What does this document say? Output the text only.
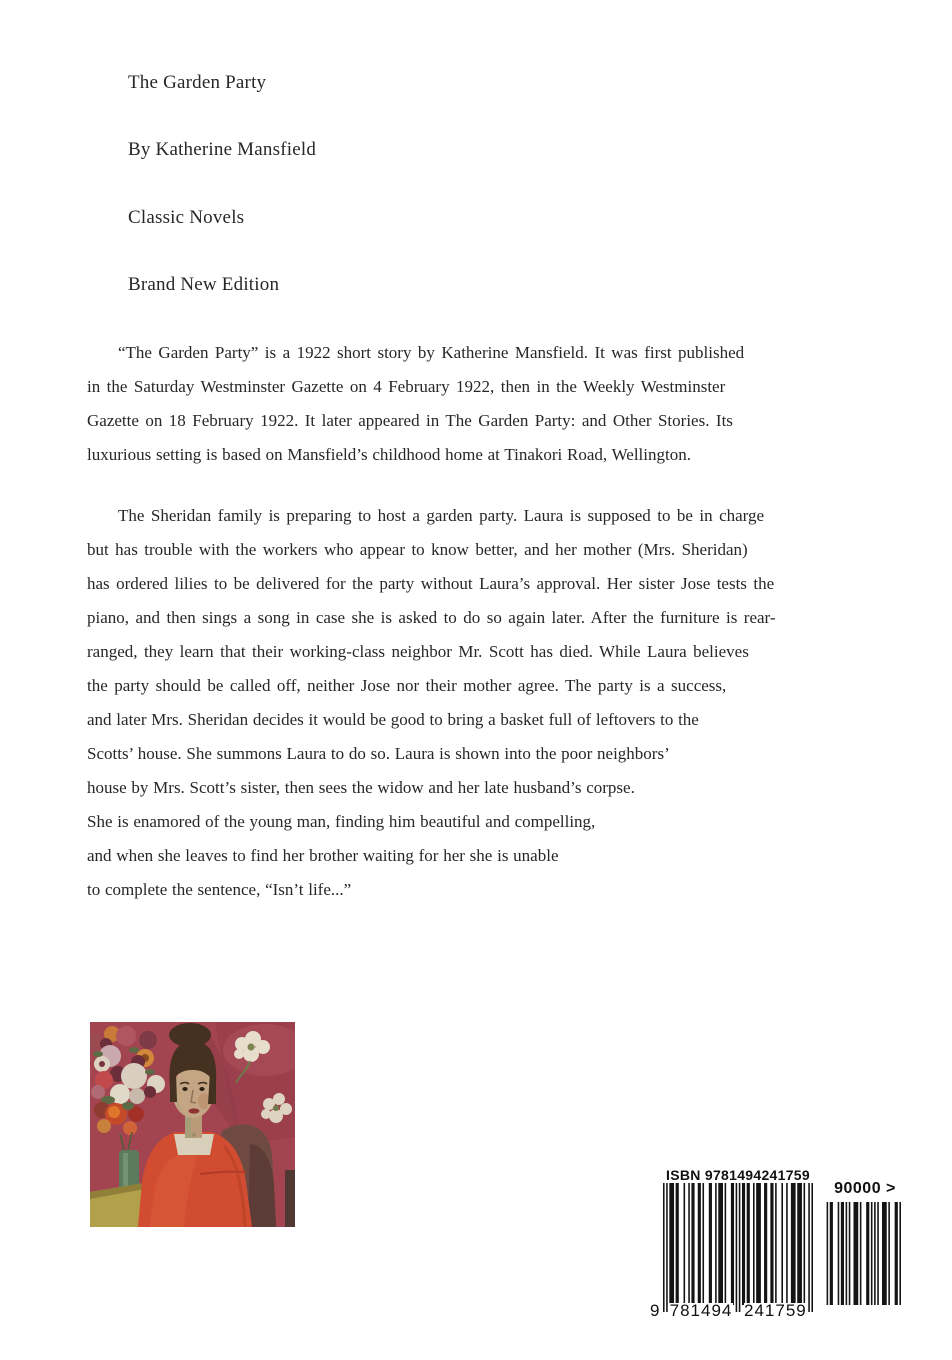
The Garden Party
By Katherine Mansfield
Classic Novels
Brand New Edition
“The Garden Party” is a 1922 short story by Katherine Mansfield. It was first published
in the Saturday Westminster Gazette on 4 February 1922, then in the Weekly Westminster
Gazette on 18 February 1922. It later appeared in The Garden Party: and Other Stories. Its
luxurious setting is based on Mansfield’s childhood home at Tinakori Road, Wellington.
The Sheridan family is preparing to host a garden party. Laura is supposed to be in charge
but has trouble with the workers who appear to know better, and her mother (Mrs. Sheridan)
has ordered lilies to be delivered for the party without Laura’s approval. Her sister Jose tests the
piano, and then sings a song in case she is asked to do so again later. After the furniture is rear-
ranged, they learn that their working-class neighbor Mr. Scott has died. While Laura believes
the party should be called off, neither Jose nor their mother agree. The party is a success,
and later Mrs. Sheridan decides it would be good to bring a basket full of leftovers to the
Scotts’ house. She summons Laura to do so. Laura is shown into the poor neighbors’
house by Mrs. Scott’s sister, then sees the widow and her late husband’s corpse.
She is enamored of the young man, finding him beautiful and compelling,
and when she leaves to find her brother waiting for her she is unable
to complete the sentence, “Isn’t life...”
ISBN 9781494241759
9 781494 241759
90000 >
